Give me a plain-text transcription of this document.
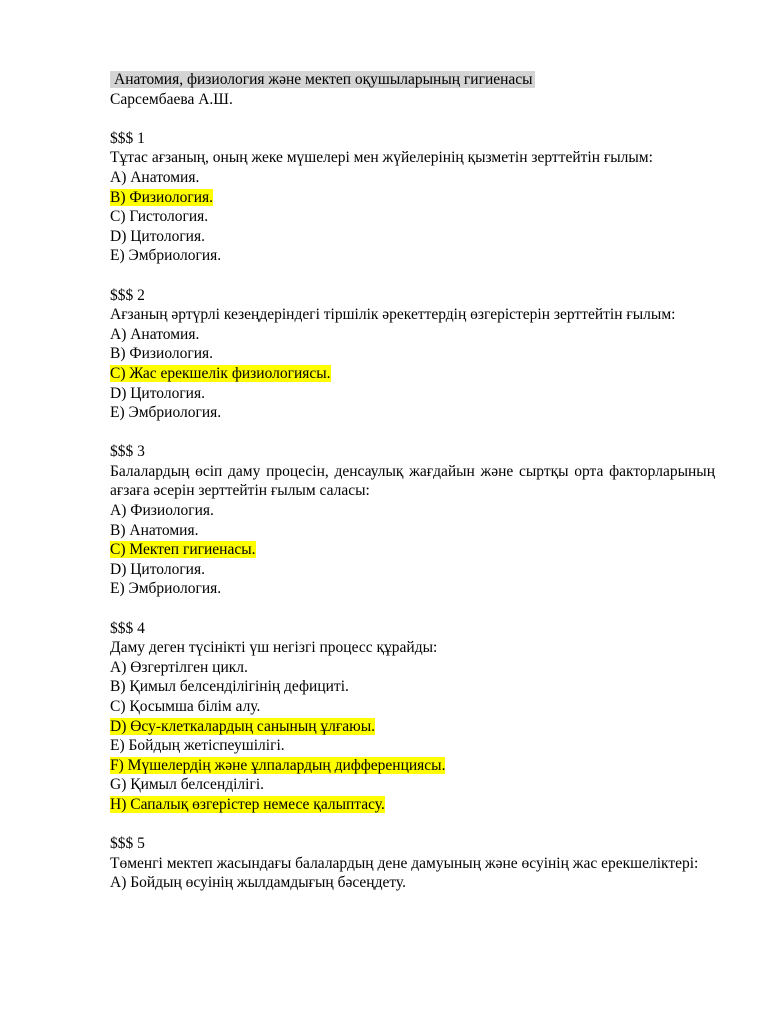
Анатомия, физиология және мектеп оқушыларының гигиенасы
Сарсембаева А.Ш.
$$$ 1
Тұтас ағзаның, оның жеке мүшелері мен жүйелерінің қызметін зерттейтін ғылым:
A) Анатомия.
B) Физиология.
C) Гистология.
D) Цитология.
E) Эмбриология.
$$$ 2
Ағзаның әртүрлі кезеңдеріндегі тіршілік әрекеттердің өзгерістерін зерттейтін ғылым:
A) Анатомия.
B) Физиология.
C) Жас ерекшелік физиологиясы.
D) Цитология.
E) Эмбриология.
$$$ 3
Балалардың өсіп даму процесін, денсаулық жағдайын және сыртқы орта факторларының ағзаға әсерін зерттейтін ғылым саласы:
A) Физиология.
B) Анатомия.
C) Мектеп гигиенасы.
D) Цитология.
E) Эмбриология.
$$$ 4
Даму деген түсінікті үш негізгі процесс құрайды:
A) Өзгертілген цикл.
B) Қимыл белсенділігінің дефициті.
C) Қосымша білім алу.
D) Өсу-клеткалардың санының ұлғаюы.
E) Бойдың жетіспеушілігі.
F) Мүшелердің және ұлпалардың дифференциясы.
G) Қимыл белсенділігі.
H) Сапалық өзгерістер немесе қалыптасу.
$$$ 5
Төменгі мектеп жасындағы балалардың дене дамуының және өсуінің жас ерекшеліктері:
A) Бойдың өсуінің жылдамдығың бәсеңдету.
